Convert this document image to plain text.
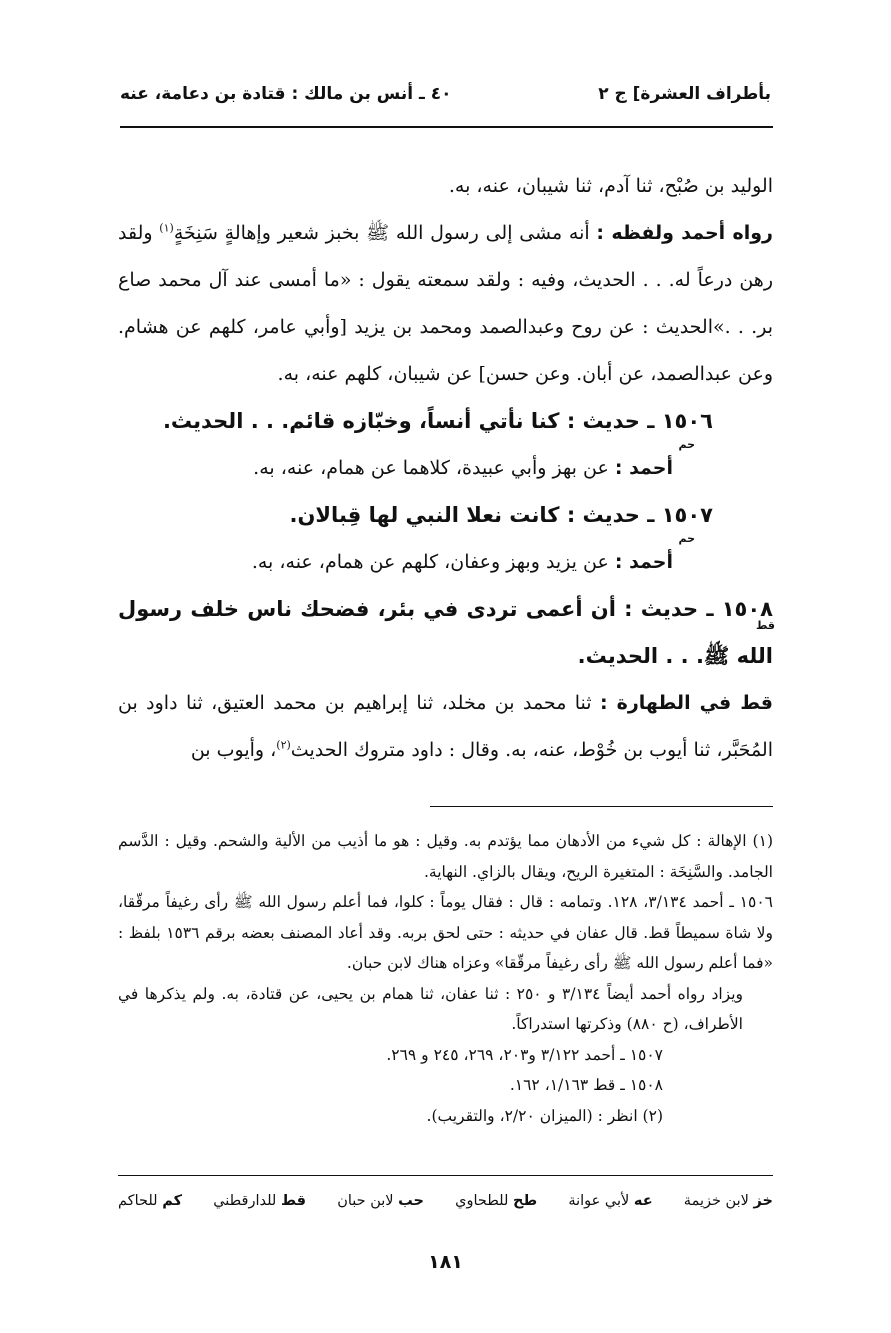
بأطراف العشرة] ج ٢
٤٠ ـ أنس بن مالك : قتادة بن دعامة، عنه

الوليد بن صُبْح، ثنا آدم، ثنا شيبان، عنه، به.

رواه أحمد ولفظه : أنه مشى إلى رسول الله ﷺ بخبز شعير وإهالةٍ سَنِخَةٍ$^{(١)}$ ولقد رهن درعاً له. . . الحديث، وفيه : ولقد سمعته يقول : «ما أمسى عند آل محمد صاع بر. . .»الحديث : عن روح وعبدالصمد ومحمد بن يزيد [وأبي عامر، كلهم عن هشام. وعن عبدالصمد، عن أبان. وعن حسن] عن شيبان، كلهم عنه، به.

١٥٠٦ ـ حديث : كنا نأتي أنساً، وخبّازه قائم. . . الحديث.

حم
أحمد : عن بهز وأبي عبيدة، كلاهما عن همام، عنه، به.

١٥٠٧ ـ حديث : كانت نعلا النبي لها قِبالان.

حم
أحمد : عن يزيد وبهز وعفان، كلهم عن همام، عنه، به.

قط
١٥٠٨ ـ حديث : أن أعمى تردى في بئر، فضحك ناس خلف رسول الله ﷺ. . . الحديث.

قط في الطهارة : ثنا محمد بن مخلد، ثنا إبراهيم بن محمد العتيق، ثنا داود بن المُحَبَّر، ثنا أيوب بن خُوْط، عنه، به. وقال : داود متروك الحديث$^{(٢)}$، وأيوب بن

(١) الإهالة : كل شيء من الأدهان مما يؤتدم به. وقيل : هو ما أذيب من الألية والشحم. وقيل : الدَّسم الجامد. والسَّنِخَة : المتغيرة الريح، ويقال بالزاي. النهاية.

١٥٠٦ ـ أحمد ٣/١٣٤، ١٢٨. وتمامه : قال : فقال يوماً : كلوا، فما أعلم رسول الله ﷺ رأى رغيفاً مرقّقا، ولا شاة سميطاً قط. قال عفان في حديثه : حتى لحق بربه. وقد أعاد المصنف بعضه برقم ١٥٣٦ بلفظ : «فما أعلم رسول الله ﷺ رأى رغيفاً مرقّقا» وعزاه هناك لابن حبان.

ويزاد رواه أحمد أيضاً ٣/١٣٤ و ٢٥٠ : ثنا عفان، ثنا همام بن يحيى، عن قتادة، به. ولم يذكرها في الأطراف، (ح ٨٨٠) وذكرتها استدراكاً.

١٥٠٧ ـ أحمد ٣/١٢٢ و٢٠٣، ٢٦٩، ٢٤٥ و ٢٦٩.

١٥٠٨ ـ قط ١/١٦٣، ١٦٢.

(٢) انظر : (الميزان ٢/٢٠، والتقريب).

خز لابن خزيمة
عه لأبي عوانة
طح للطحاوي
حب لابن حبان
قط للدارقطني
كم للحاكم
١٨١
